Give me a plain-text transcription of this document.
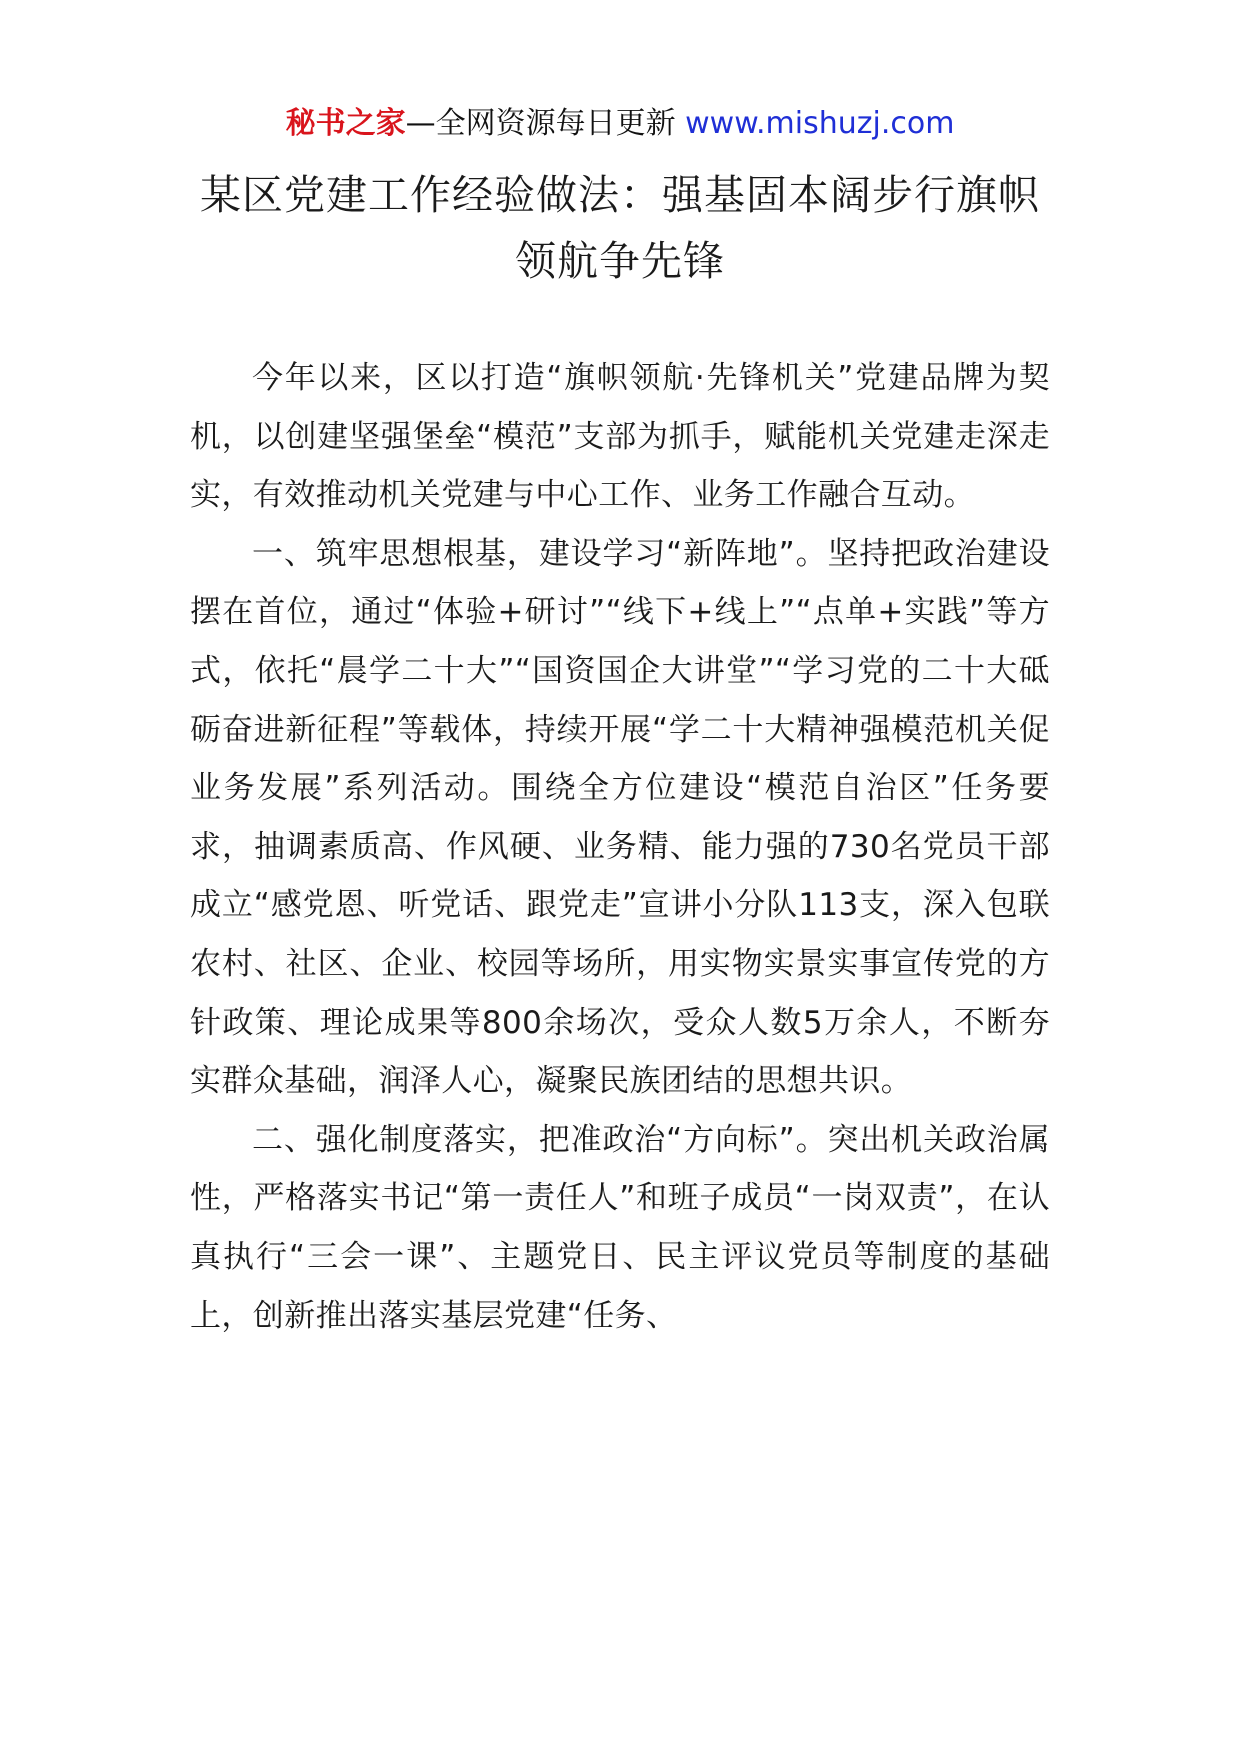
秘书之家—全网资源每日更新 www.mishuzj.com
某区党建工作经验做法：强基固本阔步行旗帜领航争先锋

今年以来，区以打造“旗帜领航·先锋机关”党建品牌为契机，以创建坚强堡垒“模范”支部为抓手，赋能机关党建走深走实，有效推动机关党建与中心工作、业务工作融合互动。

一、筑牢思想根基，建设学习“新阵地”。坚持把政治建设摆在首位，通过“体验+研讨”“线下+线上”“点单+实践”等方式，依托“晨学二十大”“国资国企大讲堂”“学习党的二十大砥砺奋进新征程”等载体，持续开展“学二十大精神强模范机关促业务发展”系列活动。围绕全方位建设“模范自治区”任务要求，抽调素质高、作风硬、业务精、能力强的730名党员干部成立“感党恩、听党话、跟党走”宣讲小分队113支，深入包联农村、社区、企业、校园等场所，用实物实景实事宣传党的方针政策、理论成果等800余场次，受众人数5万余人，不断夯实群众基础，润泽人心，凝聚民族团结的思想共识。

二、强化制度落实，把准政治“方向标”。突出机关政治属性，严格落实书记“第一责任人”和班子成员“一岗双责”，在认真执行“三会一课”、主题党日、民主评议党员等制度的基础上，创新推出落实基层党建“任务、
